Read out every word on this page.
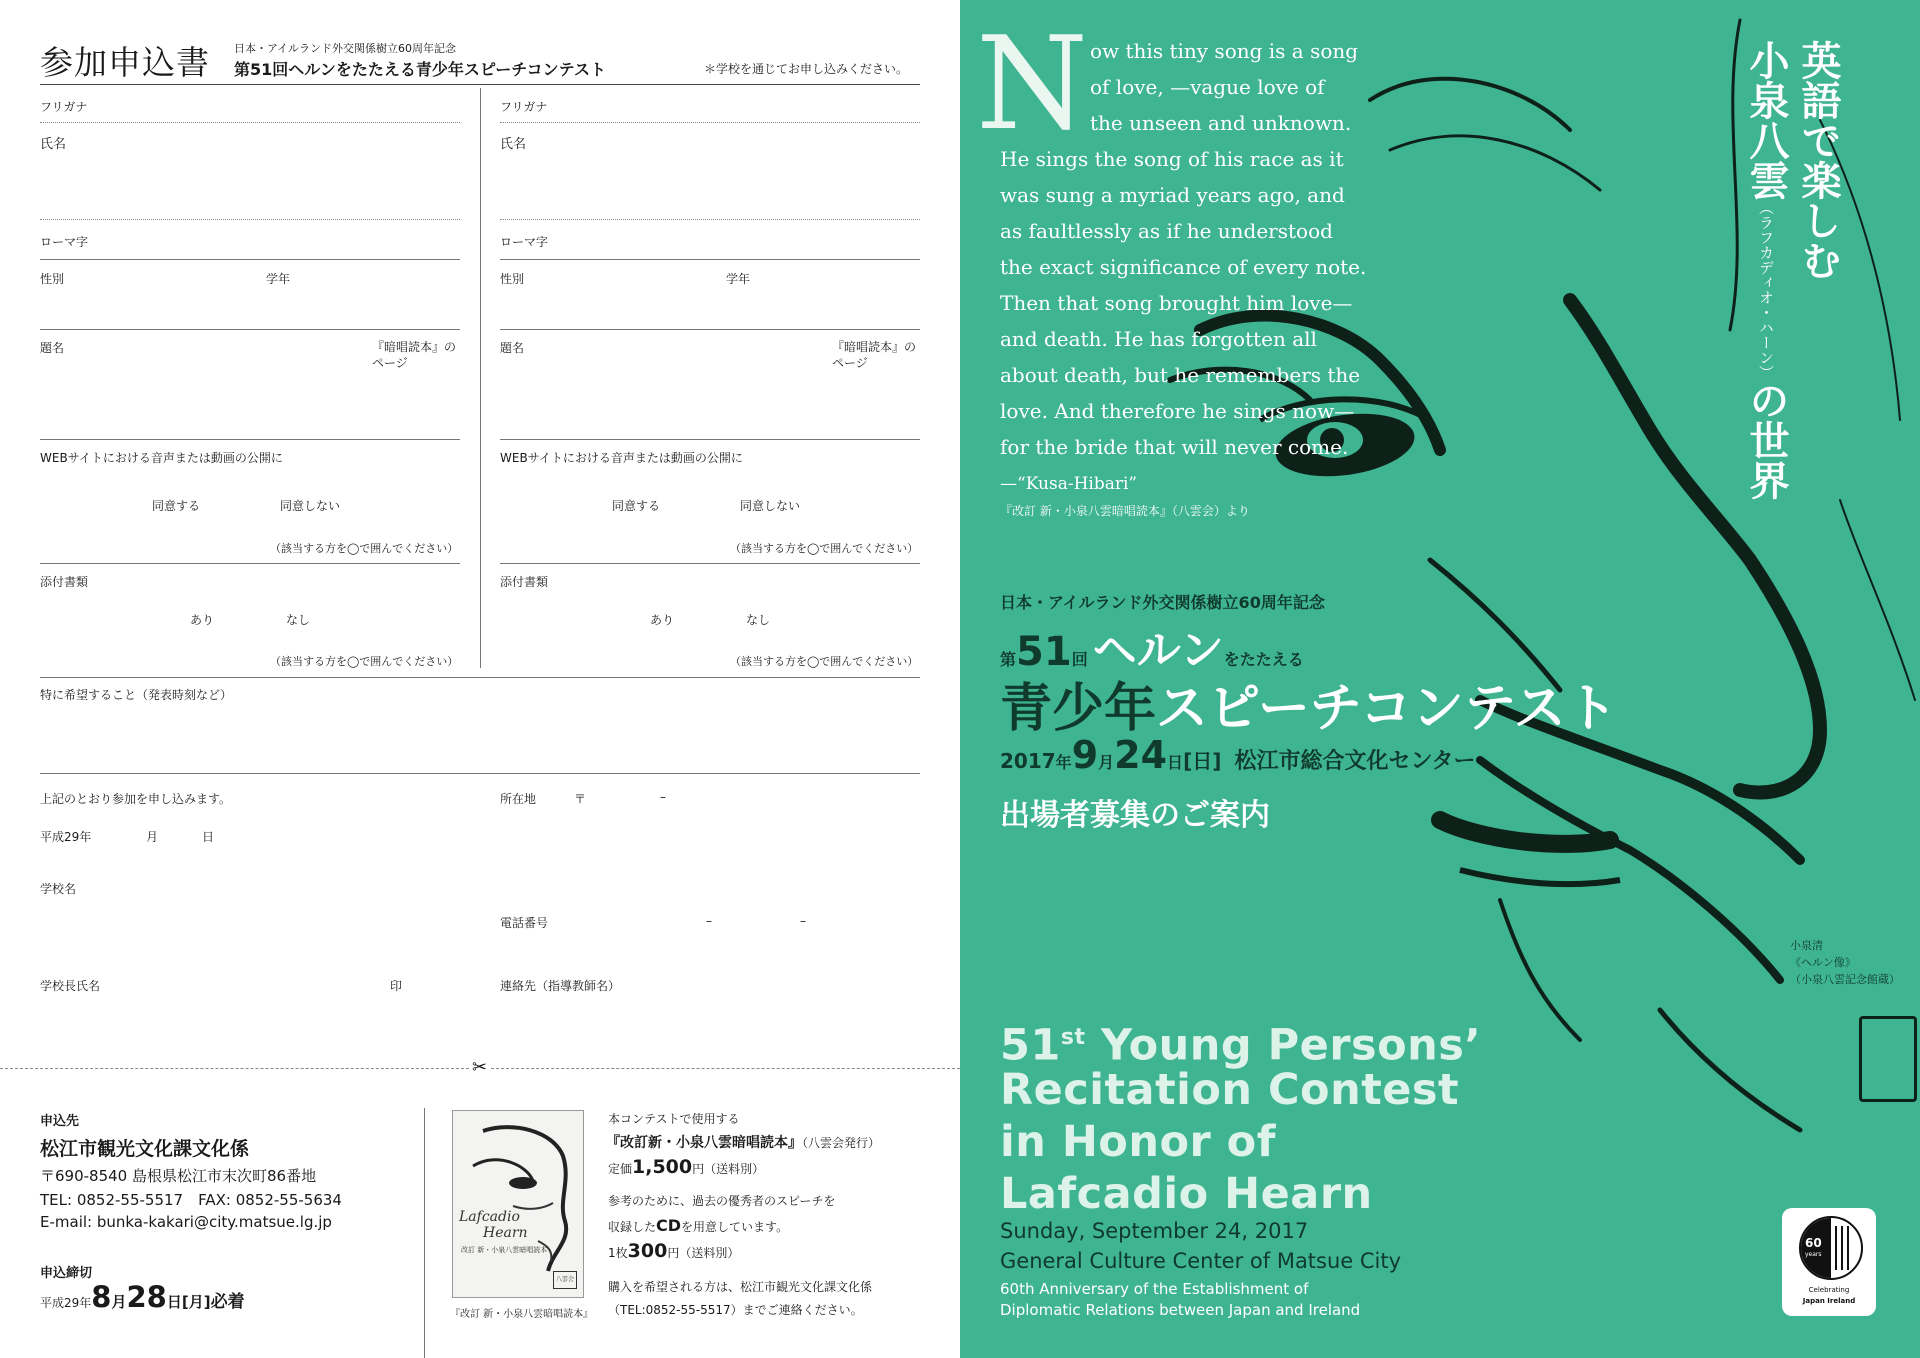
参加申込書 日本・アイルランド外交関係樹立60周年記念
第51回ヘルンをたたえる青少年スピーチコンテスト	＊学校を通じてお申し込みください。
フリガナ
氏名
ローマ字
性別	学年
題名	『暗唱読本』のページ
WEBサイトにおける音声または動画の公開に
同意する	同意しない
（該当する方を◯で囲んでください）
添付書類
あり	なし
（該当する方を◯で囲んでください）
フリガナ
氏名
ローマ字
性別	学年
題名	『暗唱読本』のページ
WEBサイトにおける音声または動画の公開に
同意する	同意しない
（該当する方を◯で囲んでください）
添付書類
あり	なし
（該当する方を◯で囲んでください）
特に希望すること（発表時刻など）
上記のとおり参加を申し込みます。
平成29年	月	日
学校名
学校長氏名	印
所在地	〒	–
電話番号	–	–
連絡先（指導教師名）
✂
申込先
松江市観光文化課文化係
〒690-8540 島根県松江市末次町86番地
TEL: 0852-55-5517　FAX: 0852-55-5634
E-mail: bunka-kakari@city.matsue.lg.jp
申込締切
平成29年8月28日[月]必着
Lafcadio
Hearn
改訂 新・小泉八雲暗唱読本
八雲会
『改訂 新・小泉八雲暗唱読本』
本コンテストで使用する
『改訂新・小泉八雲暗唱読本』（八雲会発行）
定価1,500円（送料別）
参考のために、過去の優秀者のスピーチを
収録したCDを用意しています。
1枚300円（送料別）
購入を希望される方は、松江市観光文化課文化係
（TEL:0852-55-5517）までご連絡ください。
N ow this tiny song is a song
of love, —vague love of
the unseen and unknown.
He sings the song of his race as it
was sung a myriad years ago, and
as faultlessly as if he understood
the exact significance of every note.
Then that song brought him love—
and death. He has forgotten all
about death, but he remembers the
love. And therefore he sings now—
for the bride that will never come.
—“Kusa-Hibari”
『改訂 新・小泉八雲暗唱読本』（八雲会）より
英語で楽しむ
小泉八雲（ラフカディオ・ハーン）の世界
日本・アイルランド外交関係樹立60周年記念
第51回 ヘルンをたたえる
青少年スピーチコンテスト
2017年9月24日[日] 松江市総合文化センター
出場者募集のご案内
小泉清
《ヘルン像》
（小泉八雲記念館蔵）
51st Young Persons’
Recitation Contest
in Honor of
Lafcadio Hearn
Sunday, September 24, 2017
General Culture Center of Matsue City
60th Anniversary of the Establishment of
Diplomatic Relations between Japan and Ireland
60
years
Celebrating
Japan Ireland
